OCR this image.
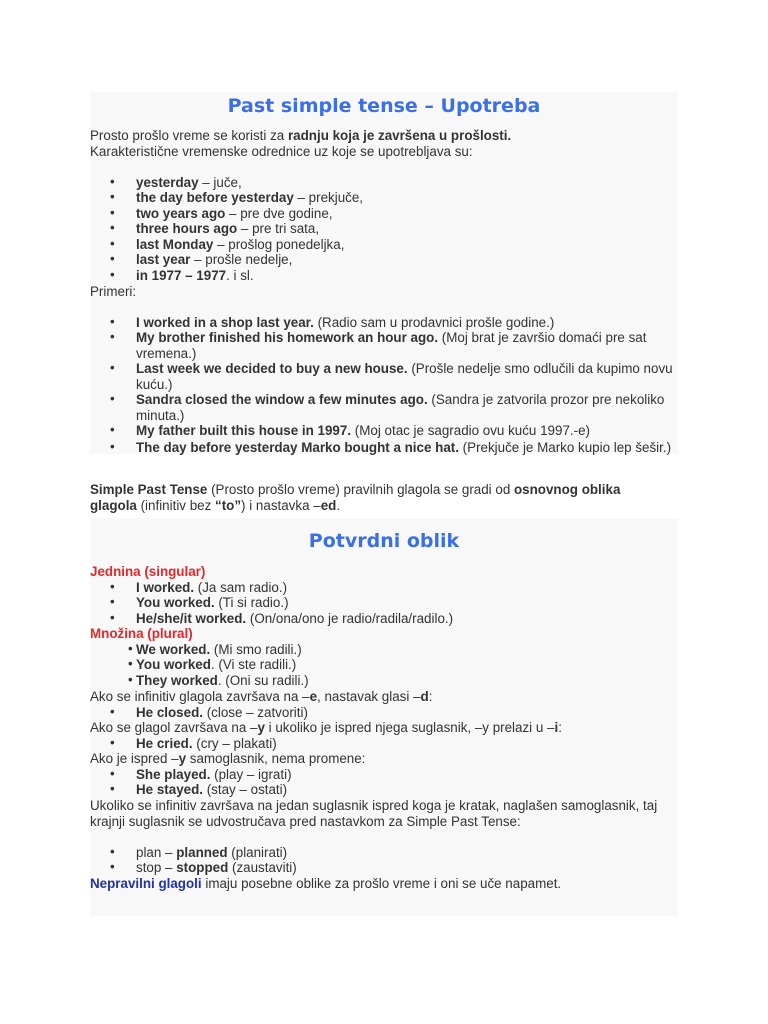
Past simple tense – Upotreba
Prosto prošlo vreme se koristi za radnju koja je završena u prošlosti.
Karakteristične vremenske odrednice uz koje se upotrebljava su:
• yesterday – juče,
• the day before yesterday – prekjuče,
• two years ago – pre dve godine,
• three hours ago – pre tri sata,
• last Monday – prošlog ponedeljka,
• last year – prošle nedelje,
• in 1977 – 1977. i sl.
Primeri:
• I worked in a shop last year. (Radio sam u prodavnici prošle godine.)
• My brother finished his homework an hour ago. (Moj brat je završio domaći pre sat vremena.)
• Last week we decided to buy a new house. (Prošle nedelje smo odlučili da kupimo novu kuću.)
• Sandra closed the window a few minutes ago. (Sandra je zatvorila prozor pre nekoliko minuta.)
• My father built this house in 1997. (Moj otac je sagradio ovu kuću 1997.-e)
• The day before yesterday Marko bought a nice hat. (Prekjuče je Marko kupio lep šešir.)
Simple Past Tense (Prosto prošlo vreme) pravilnih glagola se gradi od osnovnog oblika
glagola (infinitiv bez “to”) i nastavka –ed.
Potvrdni oblik
Jednina (singular)
• I worked. (Ja sam radio.)
• You worked. (Ti si radio.)
• He/she/it worked. (On/ona/ono je radio/radila/radilo.)
Množina (plural)
• We worked. (Mi smo radili.)
• You worked. (Vi ste radili.)
• They worked. (Oni su radili.)
Ako se infinitiv glagola završava na –e, nastavak glasi –d:
• He closed. (close – zatvoriti)
Ako se glagol završava na –y i ukoliko je ispred njega suglasnik, –y prelazi u –i:
• He cried. (cry – plakati)
Ako je ispred –y samoglasnik, nema promene:
• She played. (play – igrati)
• He stayed. (stay – ostati)
Ukoliko se infinitiv završava na jedan suglasnik ispred koga je kratak, naglašen samoglasnik, taj
krajnji suglasnik se udvostručava pred nastavkom za Simple Past Tense:
• plan – planned (planirati)
• stop – stopped (zaustaviti)
Nepravilni glagoli imaju posebne oblike za prošlo vreme i oni se uče napamet.
